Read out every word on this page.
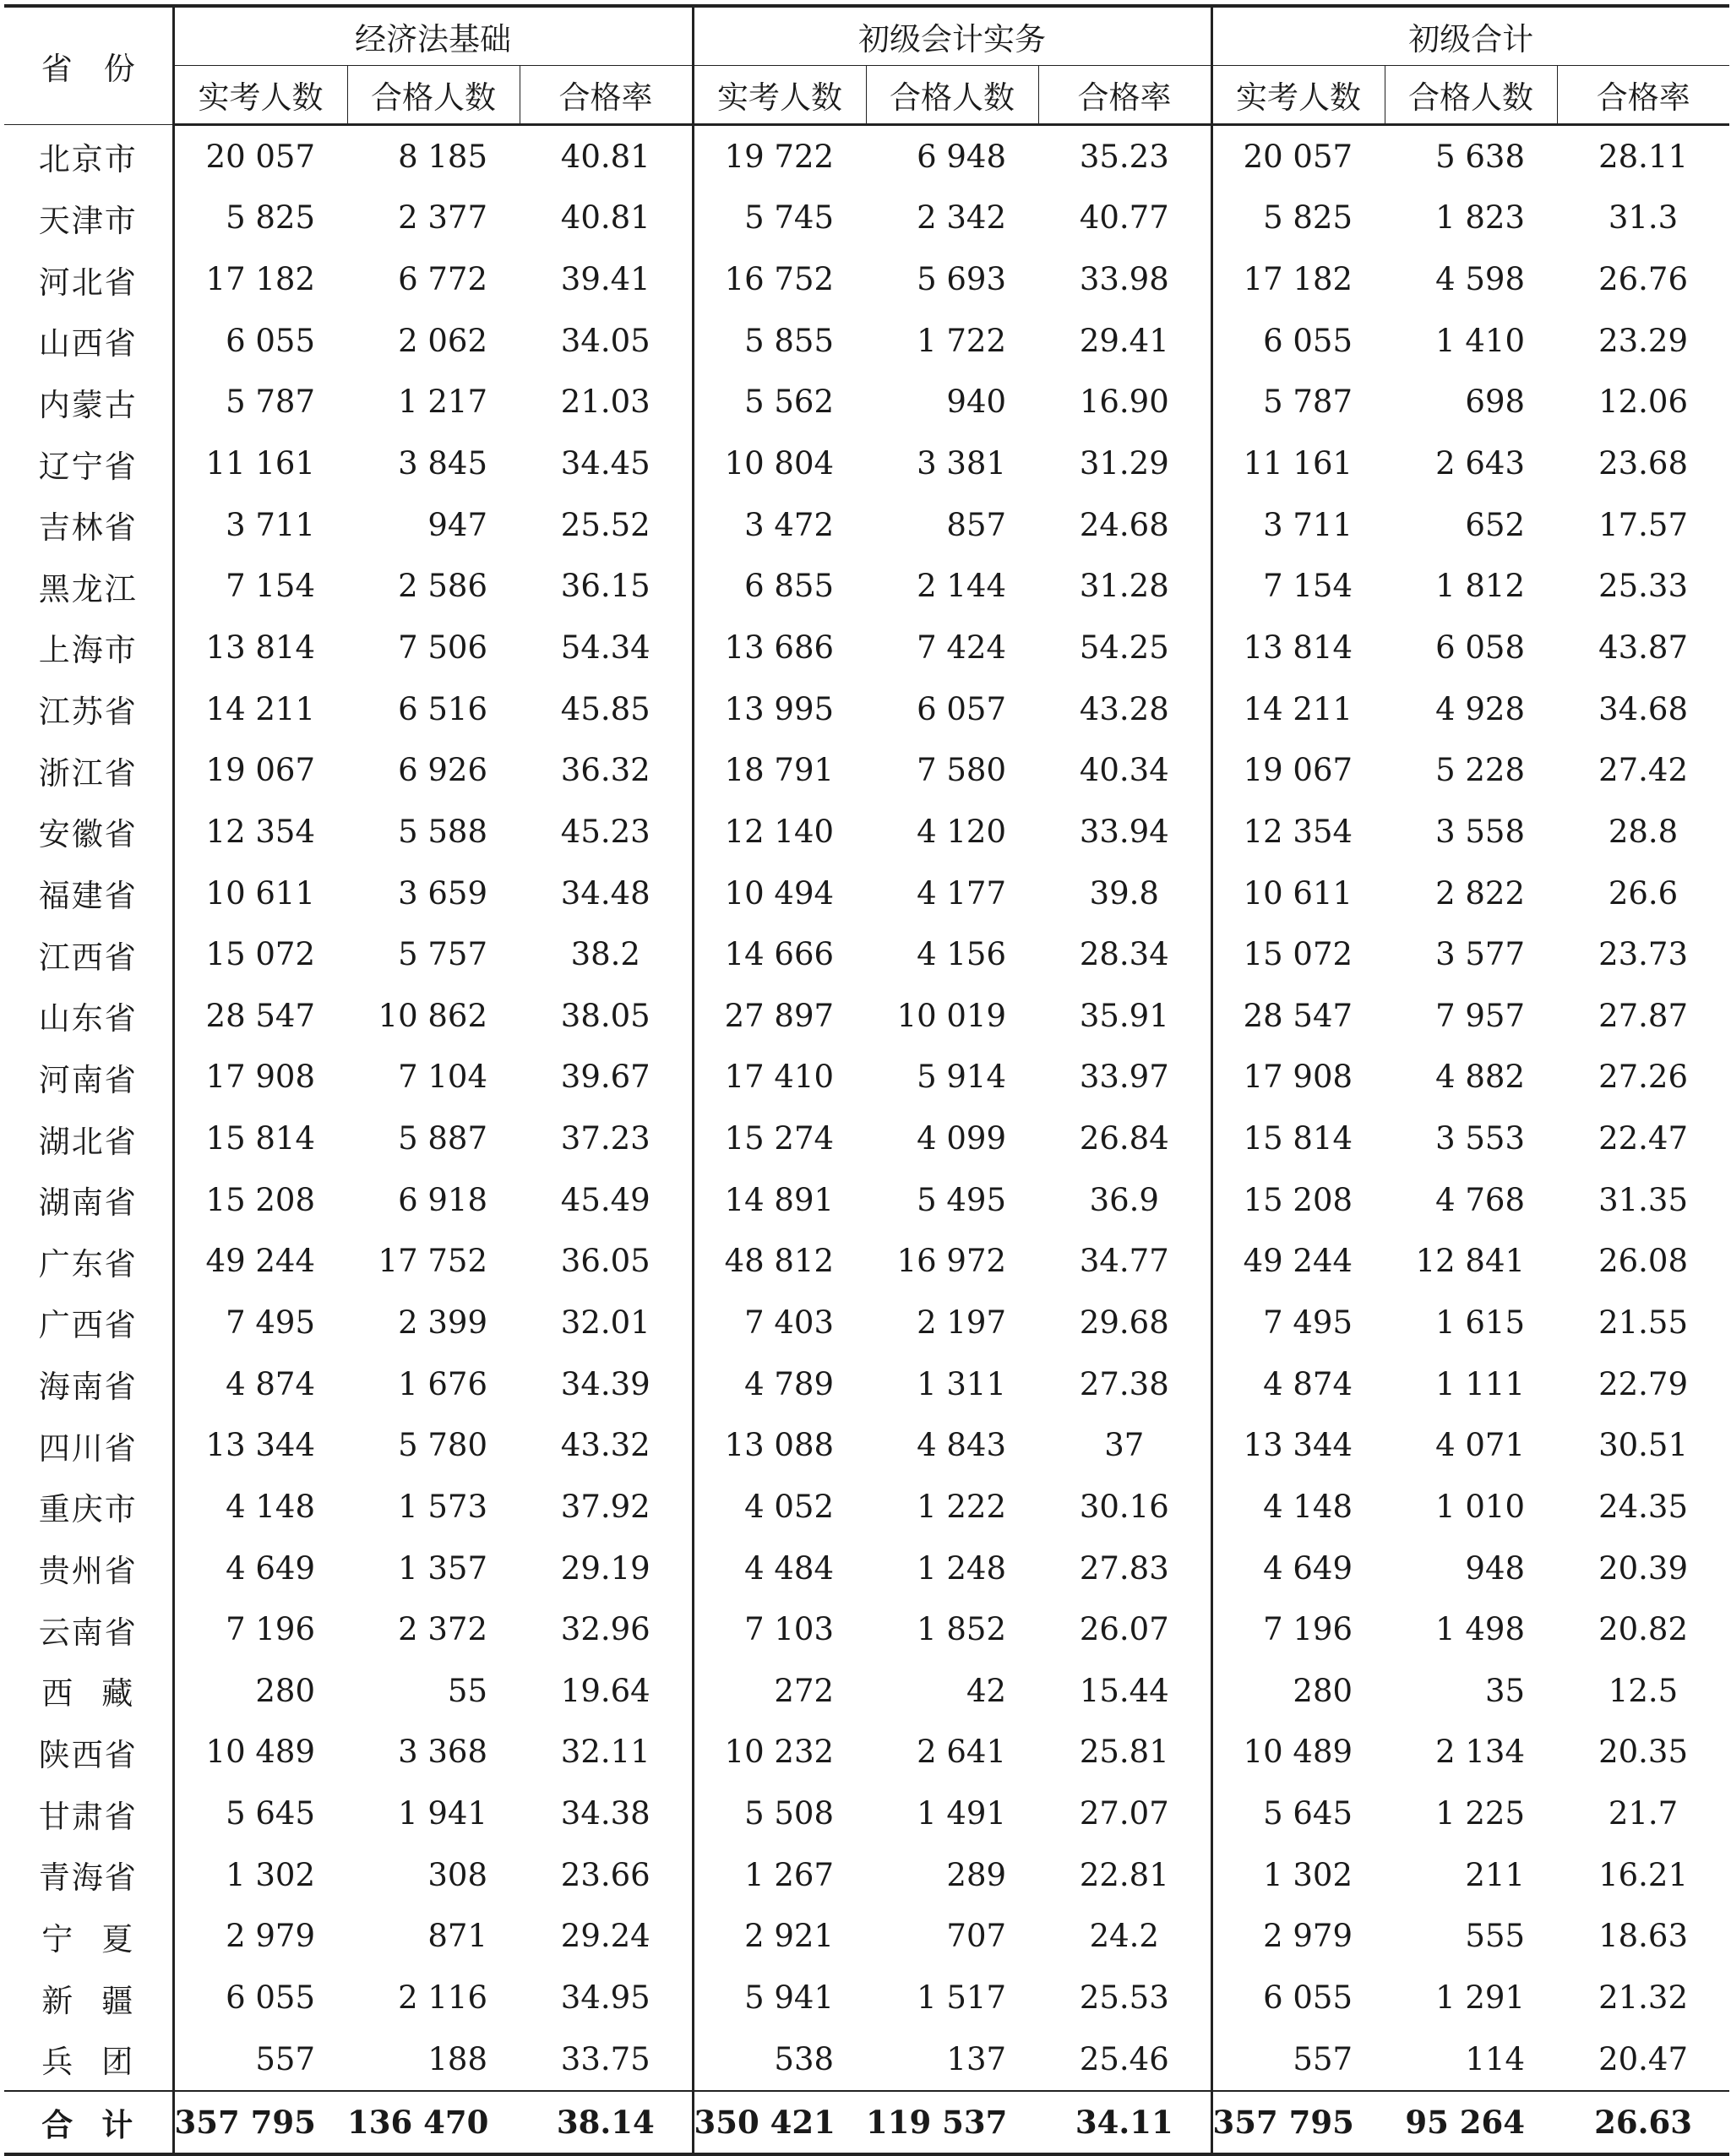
省　份	经济法基础			初级会计实务			初级合计		
	实考人数	合格人数	合格率	实考人数	合格人数	合格率	实考人数	合格人数	合格率
北京市	20 057	8 185	40.81	19 722	6 948	35.23	20 057	5 638	28.11
天津市	5 825	2 377	40.81	5 745	2 342	40.77	5 825	1 823	31.3
河北省	17 182	6 772	39.41	16 752	5 693	33.98	17 182	4 598	26.76
山西省	6 055	2 062	34.05	5 855	1 722	29.41	6 055	1 410	23.29
内蒙古	5 787	1 217	21.03	5 562	940	16.90	5 787	698	12.06
辽宁省	11 161	3 845	34.45	10 804	3 381	31.29	11 161	2 643	23.68
吉林省	3 711	947	25.52	3 472	857	24.68	3 711	652	17.57
黑龙江	7 154	2 586	36.15	6 855	2 144	31.28	7 154	1 812	25.33
上海市	13 814	7 506	54.34	13 686	7 424	54.25	13 814	6 058	43.87
江苏省	14 211	6 516	45.85	13 995	6 057	43.28	14 211	4 928	34.68
浙江省	19 067	6 926	36.32	18 791	7 580	40.34	19 067	5 228	27.42
安徽省	12 354	5 588	45.23	12 140	4 120	33.94	12 354	3 558	28.8
福建省	10 611	3 659	34.48	10 494	4 177	39.8	10 611	2 822	26.6
江西省	15 072	5 757	38.2	14 666	4 156	28.34	15 072	3 577	23.73
山东省	28 547	10 862	38.05	27 897	10 019	35.91	28 547	7 957	27.87
河南省	17 908	7 104	39.67	17 410	5 914	33.97	17 908	4 882	27.26
湖北省	15 814	5 887	37.23	15 274	4 099	26.84	15 814	3 553	22.47
湖南省	15 208	6 918	45.49	14 891	5 495	36.9	15 208	4 768	31.35
广东省	49 244	17 752	36.05	48 812	16 972	34.77	49 244	12 841	26.08
广西省	7 495	2 399	32.01	7 403	2 197	29.68	7 495	1 615	21.55
海南省	4 874	1 676	34.39	4 789	1 311	27.38	4 874	1 111	22.79
四川省	13 344	5 780	43.32	13 088	4 843	37	13 344	4 071	30.51
重庆市	4 148	1 573	37.92	4 052	1 222	30.16	4 148	1 010	24.35
贵州省	4 649	1 357	29.19	4 484	1 248	27.83	4 649	948	20.39
云南省	7 196	2 372	32.96	7 103	1 852	26.07	7 196	1 498	20.82

西 藏	280	55	19.64	272	42	15.44	280	35	12.5
陕西省	10 489	3 368	32.11	10 232	2 641	25.81	10 489	2 134	20.35
甘肃省	5 645	1 941	34.38	5 508	1 491	27.07	5 645	1 225	21.7
青海省	1 302	308	23.66	1 267	289	22.81	1 302	211	16.21

宁 夏	2 979	871	29.24	2 921	707	24.2	2 979	555	18.63

新 疆	6 055	2 116	34.95	5 941	1 517	25.53	6 055	1 291	21.32

兵 团	557	188	33.75	538	137	25.46	557	114	20.47

合 计	357 795	136 470	38.14	350 421	119 537	34.11	357 795	95 264	26.63
